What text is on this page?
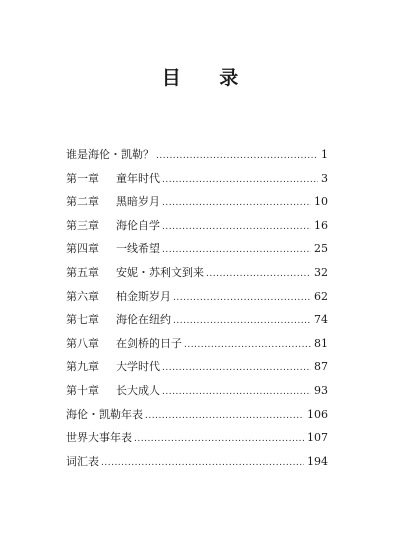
目 录
谁是海伦・凯勒？ .....	1
第一章	童年时代 .....	3
第二章	黑暗岁月 .....	10
第三章	海伦自学 .....	16
第四章	一线希望 .....	25
第五章	安妮・苏利文到来 .....	32
第六章	柏金斯岁月 .....	62
第七章	海伦在纽约 .....	74
第八章	在剑桥的日子 .....	81
第九章	大学时代 .....	87
第十章	长大成人 .....	93
海伦・凯勒年表 .....	106
世界大事年表 .....	107
词汇表 .....	194
